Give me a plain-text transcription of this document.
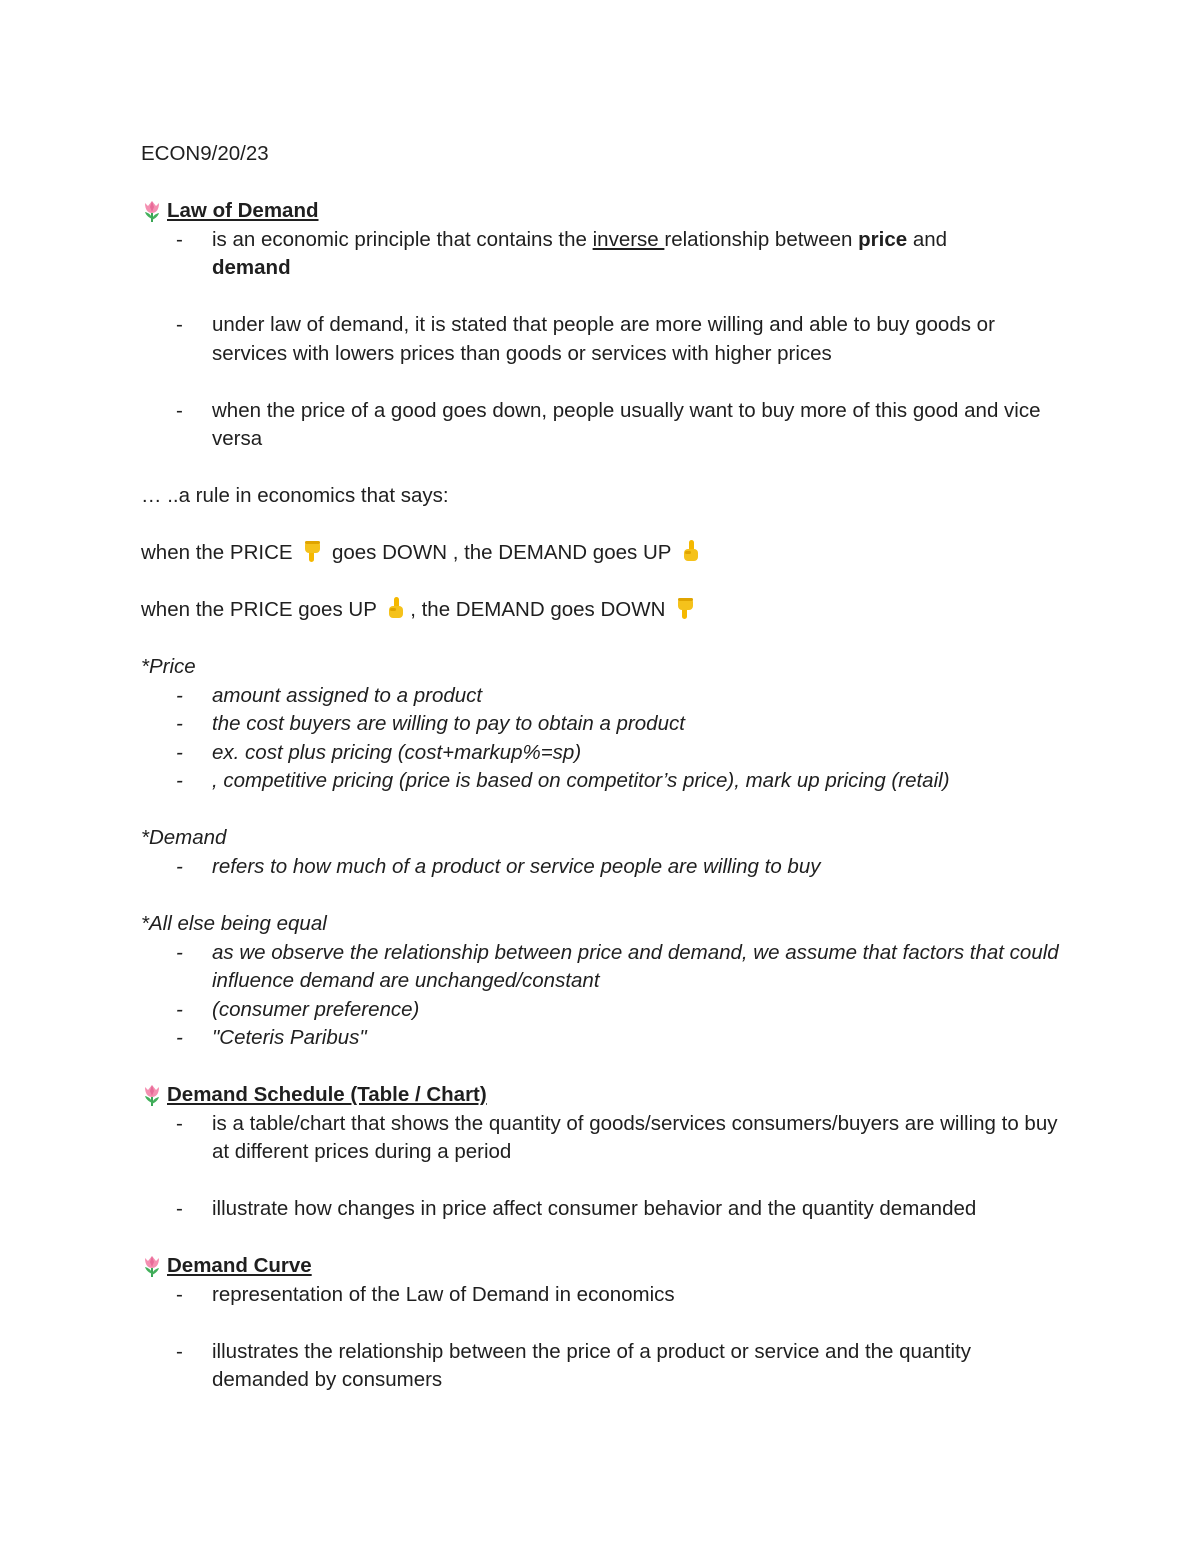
ECON9/20/23
Law of Demand
- is an economic principle that contains the inverse relationship between price and
demand
- under law of demand, it is stated that people are more willing and able to buy goods or services with lowers prices than goods or services with higher prices
- when the price of a good goes down, people usually want to buy more of this good and vice versa
… ..a rule in economics that says:
when the PRICE  goes DOWN , the DEMAND goes UP
when the PRICE goes UP , the DEMAND goes DOWN
*Price
- amount assigned to a product
- the cost buyers are willing to pay to obtain a product
- ex. cost plus pricing (cost+markup%=sp)
- , competitive pricing (price is based on competitor’s price), mark up pricing (retail)
*Demand
- refers to how much of a product or service people are willing to buy
*All else being equal
- as we observe the relationship between price and demand, we assume that factors that could influence demand are unchanged/constant
- (consumer preference)
- "Ceteris Paribus"
Demand Schedule (Table / Chart)
- is a table/chart that shows the quantity of goods/services consumers/buyers are willing to buy at different prices during a period
- illustrate how changes in price affect consumer behavior and the quantity demanded
Demand Curve
- representation of the Law of Demand in economics
- illustrates the relationship between the price of a product or service and the quantity demanded by consumers
